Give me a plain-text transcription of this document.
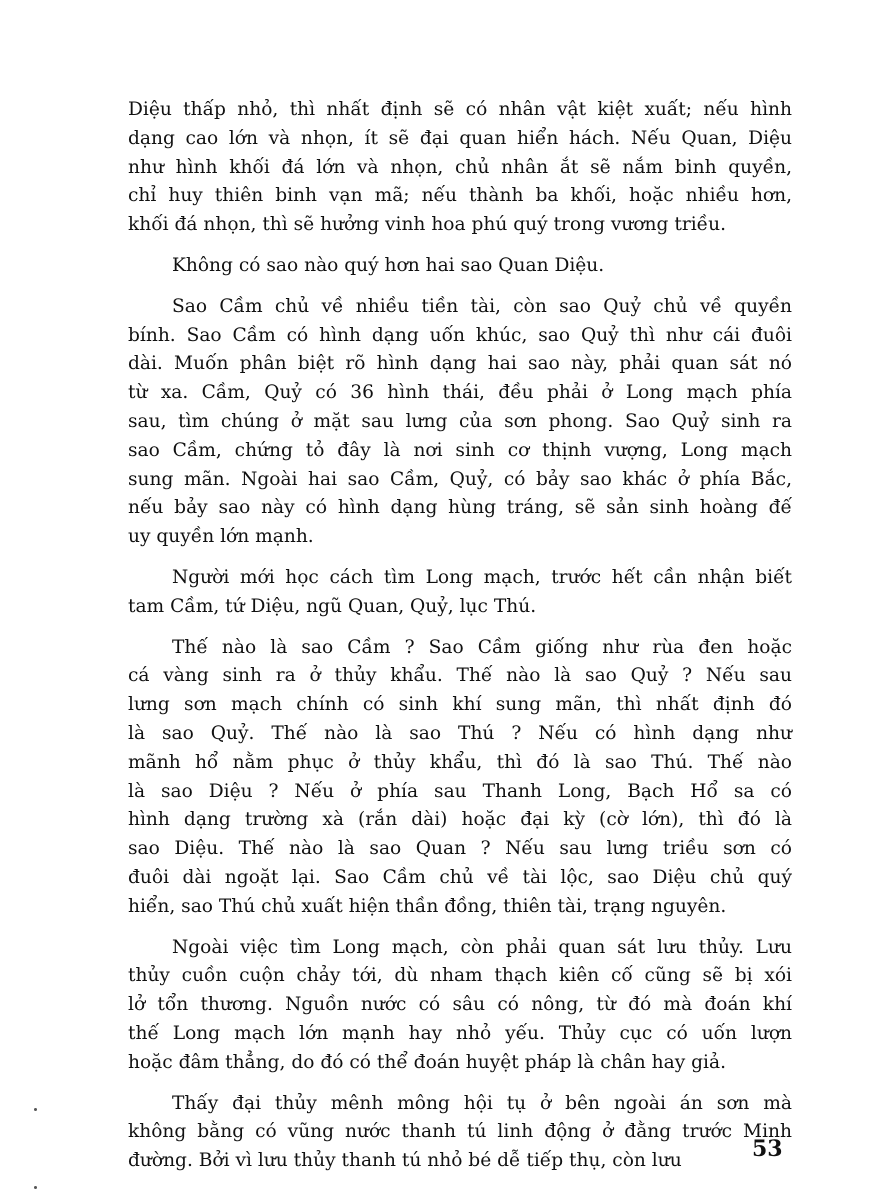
Diệu thấp nhỏ, thì nhất định sẽ có nhân vật kiệt xuất; nếu hình
dạng cao lớn và nhọn, ít sẽ đại quan hiển hách. Nếu Quan, Diệu
như hình khối đá lớn và nhọn, chủ nhân ắt sẽ nắm binh quyền,
chỉ huy thiên binh vạn mã; nếu thành ba khối, hoặc nhiều hơn,
khối đá nhọn, thì sẽ hưởng vinh hoa phú quý trong vương triều.

Không có sao nào quý hơn hai sao Quan Diệu.

Sao Cầm chủ về nhiều tiền tài, còn sao Quỷ chủ về quyền
bính. Sao Cầm có hình dạng uốn khúc, sao Quỷ thì như cái đuôi
dài. Muốn phân biệt rõ hình dạng hai sao này, phải quan sát nó
từ xa. Cầm, Quỷ có 36 hình thái, đều phải ở Long mạch phía
sau, tìm chúng ở mặt sau lưng của sơn phong. Sao Quỷ sinh ra
sao Cầm, chứng tỏ đây là nơi sinh cơ thịnh vượng, Long mạch
sung mãn. Ngoài hai sao Cầm, Quỷ, có bảy sao khác ở phía Bắc,
nếu bảy sao này có hình dạng hùng tráng, sẽ sản sinh hoàng đế
uy quyền lớn mạnh.

Người mới học cách tìm Long mạch, trước hết cần nhận biết
tam Cầm, tứ Diệu, ngũ Quan, Quỷ, lục Thú.

Thế nào là sao Cầm ? Sao Cầm giống như rùa đen hoặc
cá vàng sinh ra ở thủy khẩu. Thế nào là sao Quỷ ? Nếu sau
lưng sơn mạch chính có sinh khí sung mãn, thì nhất định đó
là sao Quỷ. Thế nào là sao Thú ? Nếu có hình dạng như
mãnh hổ nằm phục ở thủy khẩu, thì đó là sao Thú. Thế nào
là sao Diệu ? Nếu ở phía sau Thanh Long, Bạch Hổ sa có
hình dạng trường xà (rắn dài) hoặc đại kỳ (cờ lớn), thì đó là
sao Diệu. Thế nào là sao Quan ? Nếu sau lưng triều sơn có
đuôi dài ngoặt lại. Sao Cầm chủ về tài lộc, sao Diệu chủ quý
hiển, sao Thú chủ xuất hiện thần đồng, thiên tài, trạng nguyên.

Ngoài việc tìm Long mạch, còn phải quan sát lưu thủy. Lưu
thủy cuồn cuộn chảy tới, dù nham thạch kiên cố cũng sẽ bị xói
lở tổn thương. Nguồn nước có sâu có nông, từ đó mà đoán khí
thế Long mạch lớn mạnh hay nhỏ yếu. Thủy cục có uốn lượn
hoặc đâm thẳng, do đó có thể đoán huyệt pháp là chân hay giả.

Thấy đại thủy mênh mông hội tụ ở bên ngoài án sơn mà
không bằng có vũng nước thanh tú linh động ở đằng trước Minh
đường. Bởi vì lưu thủy thanh tú nhỏ bé dễ tiếp thụ, còn lưu	53
